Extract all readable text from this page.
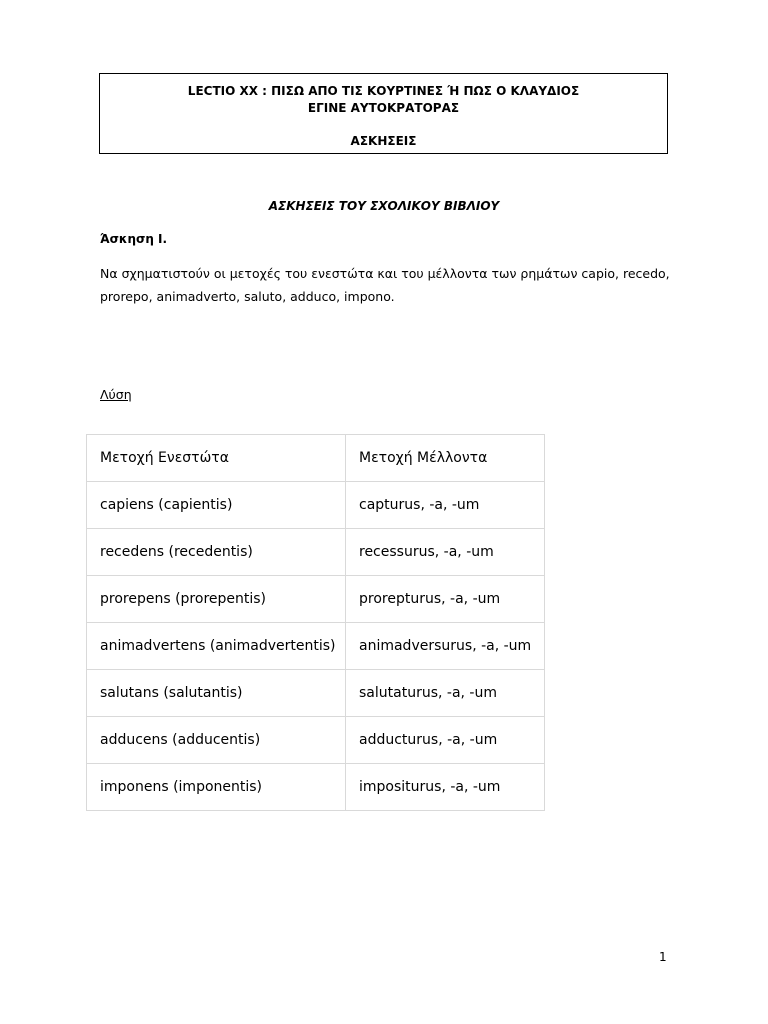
LECTIO XX : ΠΙΣΩ ΑΠΟ ΤΙΣ ΚΟΥΡΤΙΝΕΣ Ή ΠΩΣ Ο ΚΛΑΥΔΙΟΣ
ΕΓΙΝΕ ΑΥΤΟΚΡΑΤΟΡΑΣ
ΑΣΚΗΣΕΙΣ
ΑΣΚΗΣΕΙΣ ΤΟΥ ΣΧΟΛΙΚΟΥ ΒΙΒΛΙΟΥ
Άσκηση Ι.
Να σχηματιστούν οι μετοχές του ενεστώτα και του μέλλοντα των ρημάτων capio, recedo,
prorepo, animadverto, saluto, adduco, impono.
Λύση
Μετοχή Ενεστώτα	Μετοχή Μέλλοντα
capiens (capientis)	capturus, -a, -um
recedens (recedentis)	recessurus, -a, -um
prorepens (prorepentis)	prorepturus, -a, -um
animadvertens (animadvertentis)	animadversurus, -a, -um
salutans (salutantis)	salutaturus, -a, -um
adducens (adducentis)	adducturus, -a, -um
imponens (imponentis)	impositurus, -a, -um
1
